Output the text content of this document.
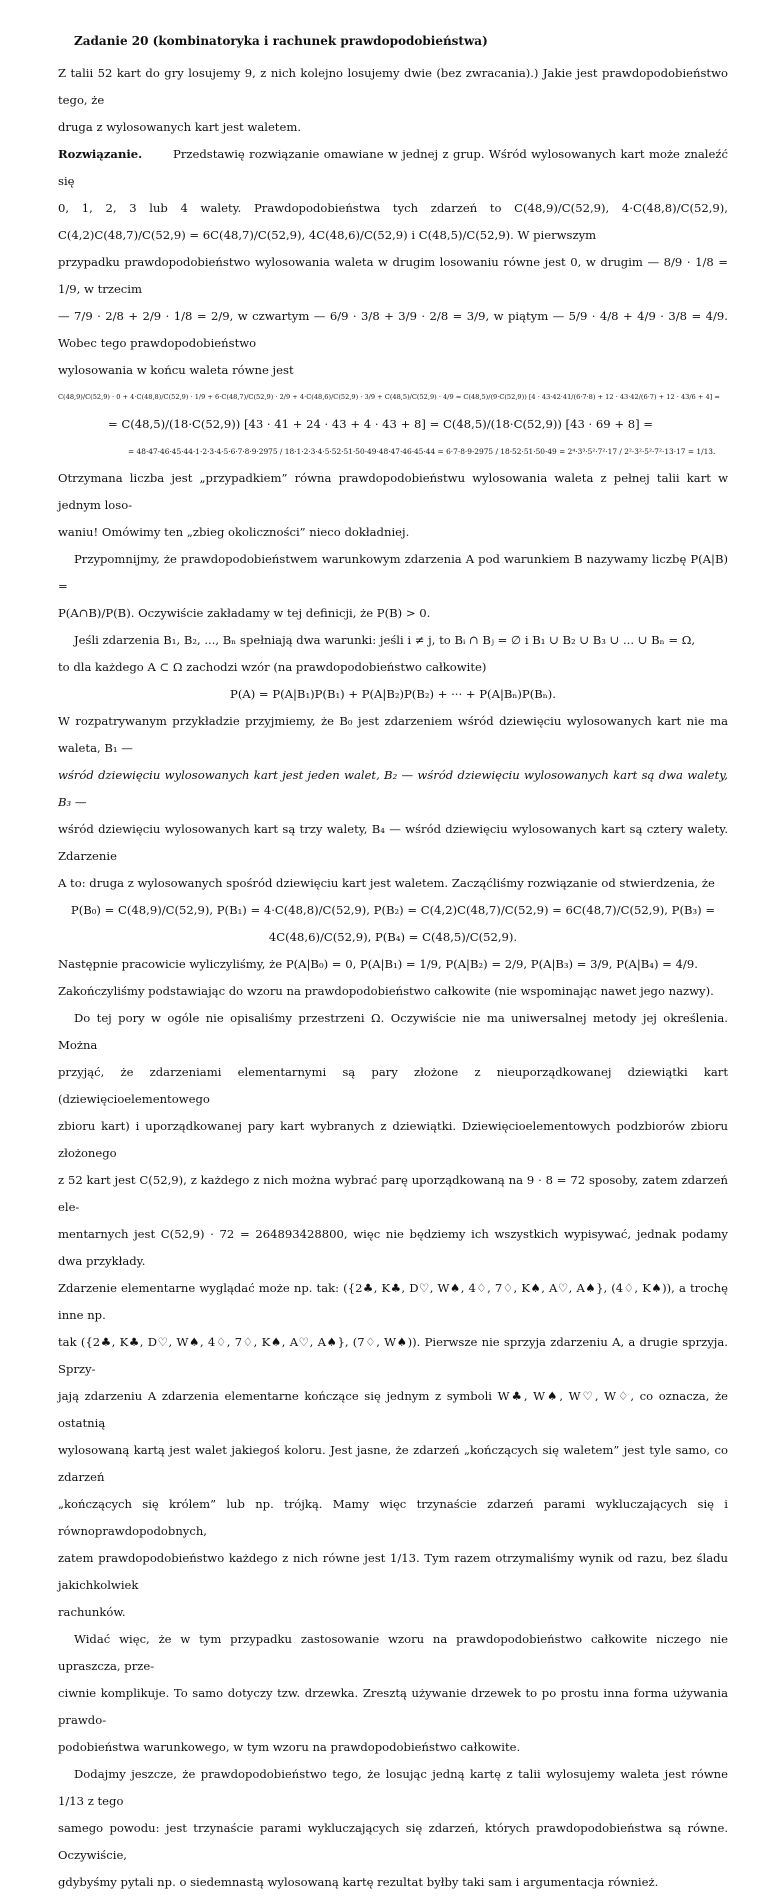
Zadanie 20 (kombinatoryka i rachunek prawdopodobieństwa)

Z talii 52 kart do gry losujemy 9, z nich kolejno losujemy dwie (bez zwracania).) Jakie jest prawdopodobieństwo tego, że

druga z wylosowanych kart jest waletem.

Rozwiązanie.	Przedstawię rozwiązanie omawiane w jednej z grup. Wśród wylosowanych kart może znaleźć się

0, 1, 2, 3 lub 4 walety. Prawdopodobieństwa tych zdarzeń to C(48,9)/C(52,9), 4·C(48,8)/C(52,9), C(4,2)C(48,7)/C(52,9) = 6C(48,7)/C(52,9), 4C(48,6)/C(52,9) i C(48,5)/C(52,9). W pierwszym

przypadku prawdopodobieństwo wylosowania waleta w drugim losowaniu równe jest 0, w drugim — 8/9 · 1/8 = 1/9, w trzecim

— 7/9 · 2/8 + 2/9 · 1/8 = 2/9, w czwartym — 6/9 · 3/8 + 3/9 · 2/8 = 3/9, w piątym — 5/9 · 4/8 + 4/9 · 3/8 = 4/9. Wobec tego prawdopodobieństwo

wylosowania w końcu waleta równe jest

C(48,9)/C(52,9) · 0 + 4·C(48,8)/C(52,9) · 1/9 + 6·C(48,7)/C(52,9) · 2/9 + 4·C(48,6)/C(52,9) · 3/9 + C(48,5)/C(52,9) · 4/9 = C(48,5)/(9·C(52,9)) [4 · 43·42·41/(6·7·8) + 12 · 43·42/(6·7) + 12 · 43/6 + 4] =

= C(48,5)/(18·C(52,9)) [43 · 41 + 24 · 43 + 4 · 43 + 8] = C(48,5)/(18·C(52,9)) [43 · 69 + 8] =

= 48·47·46·45·44·1·2·3·4·5·6·7·8·9·2975 / 18·1·2·3·4·5·52·51·50·49·48·47·46·45·44 = 6·7·8·9·2975 / 18·52·51·50·49 = 2⁴·3³·5²·7²·17 / 2²·3²·5²·7²·13·17 = 1/13.

Otrzymana liczba jest „przypadkiem” równa prawdopodobieństwu wylosowania waleta z pełnej talii kart w jednym loso-

waniu! Omówimy ten „zbieg okoliczności” nieco dokładniej.

Przypomnijmy, że prawdopodobieństwem warunkowym zdarzenia A pod warunkiem B nazywamy liczbę P(A|B) =

P(A∩B)/P(B). Oczywiście zakładamy w tej definicji, że P(B) > 0.

Jeśli zdarzenia B₁, B₂, ..., Bₙ spełniają dwa warunki: jeśli i ≠ j, to Bᵢ ∩ Bⱼ = ∅ i B₁ ∪ B₂ ∪ B₃ ∪ ... ∪ Bₙ = Ω,

to dla każdego A ⊂ Ω zachodzi wzór (na prawdopodobieństwo całkowite)

P(A) = P(A|B₁)P(B₁) + P(A|B₂)P(B₂) + ··· + P(A|Bₙ)P(Bₙ).

W rozpatrywanym przykładzie przyjmiemy, że B₀ jest zdarzeniem wśród dziewięciu wylosowanych kart nie ma waleta, B₁ —

wśród dziewięciu wylosowanych kart jest jeden walet, B₂ — wśród dziewięciu wylosowanych kart są dwa walety, B₃ —

wśród dziewięciu wylosowanych kart są trzy walety, B₄ — wśród dziewięciu wylosowanych kart są cztery walety. Zdarzenie

A to: druga z wylosowanych spośród dziewięciu kart jest waletem. Zacząćliśmy rozwiązanie od stwierdzenia, że

P(B₀) = C(48,9)/C(52,9), P(B₁) = 4·C(48,8)/C(52,9), P(B₂) = C(4,2)C(48,7)/C(52,9) = 6C(48,7)/C(52,9), P(B₃) = 4C(48,6)/C(52,9), P(B₄) = C(48,5)/C(52,9).

Następnie pracowicie wyliczyliśmy, że P(A|B₀) = 0, P(A|B₁) = 1/9, P(A|B₂) = 2/9, P(A|B₃) = 3/9, P(A|B₄) = 4/9.

Zakończyliśmy podstawiając do wzoru na prawdopodobieństwo całkowite (nie wspominając nawet jego nazwy).

Do tej pory w ogóle nie opisaliśmy przestrzeni Ω. Oczywiście nie ma uniwersalnej metody jej określenia. Można

przyjąć, że zdarzeniami elementarnymi są pary złożone z nieuporządkowanej dziewiątki kart (dziewięcioelementowego

zbioru kart) i uporządkowanej pary kart wybranych z dziewiątki. Dziewięcioelementowych podzbiorów zbioru złożonego

z 52 kart jest C(52,9), z każdego z nich można wybrać parę uporządkowaną na 9 · 8 = 72 sposoby, zatem zdarzeń ele-

mentarnych jest C(52,9) · 72 = 264893428800, więc nie będziemy ich wszystkich wypisywać, jednak podamy dwa przykłady.

Zdarzenie elementarne wyglądać może np. tak: ({2♣, K♣, D♡, W♠, 4♢, 7♢, K♠, A♡, A♠}, (4♢, K♠)), a trochę inne np.

tak ({2♣, K♣, D♡, W♠, 4♢, 7♢, K♠, A♡, A♠}, (7♢, W♠)). Pierwsze nie sprzyja zdarzeniu A, a drugie sprzyja. Sprzy-

jają zdarzeniu A zdarzenia elementarne kończące się jednym z symboli W♣, W♠, W♡, W♢, co oznacza, że ostatnią

wylosowaną kartą jest walet jakiegoś koloru. Jest jasne, że zdarzeń „kończących się waletem” jest tyle samo, co zdarzeń

„kończących się królem” lub np. trójką. Mamy więc trzynaście zdarzeń parami wykluczających się i równoprawdopodobnych,

zatem prawdopodobieństwo każdego z nich równe jest 1/13. Tym razem otrzymaliśmy wynik od razu, bez śladu jakichkolwiek

rachunków.

Widać więc, że w tym przypadku zastosowanie wzoru na prawdopodobieństwo całkowite niczego nie upraszcza, prze-

ciwnie komplikuje. To samo dotyczy tzw. drzewka. Zresztą używanie drzewek to po prostu inna forma używania prawdo-

podobieństwa warunkowego, w tym wzoru na prawdopodobieństwo całkowite.

Dodajmy jeszcze, że prawdopodobieństwo tego, że losując jedną kartę z talii wylosujemy waleta jest równe 1/13 z tego

samego powodu: jest trzynaście parami wykluczających się zdarzeń, których prawdopodobieństwa są równe. Oczywiście,

gdybyśmy pytali np. o siedemnastą wylosowaną kartę rezultat byłby taki sam i argumentacja również.
